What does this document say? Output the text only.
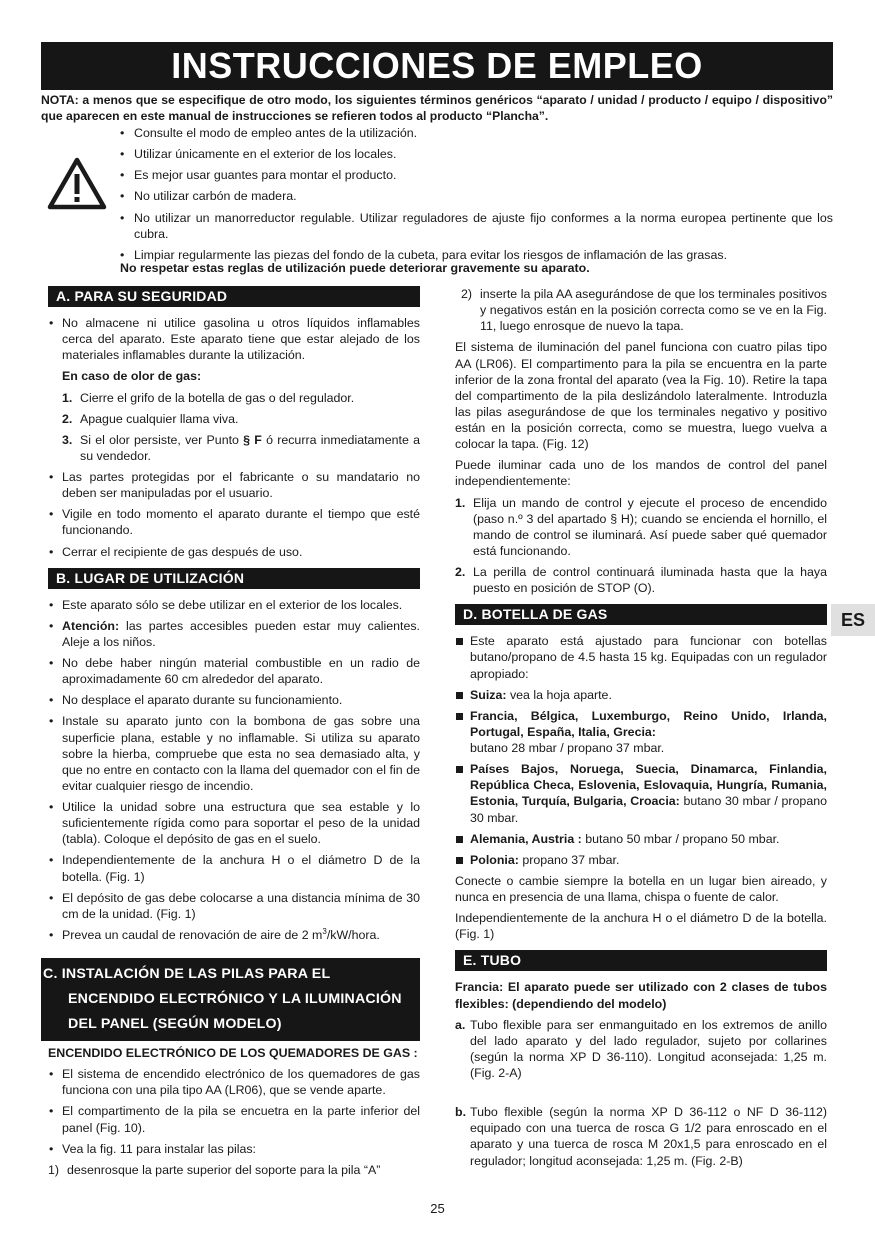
INSTRUCCIONES DE EMPLEO
NOTA: a menos que se especifique de otro modo, los siguientes términos genéricos “aparato / unidad / producto / equipo / dispositivo” que aparecen en este manual de instrucciones se refieren todos al producto “Plancha”.
• Consulte el modo de empleo antes de la utilización.
• Utilizar únicamente en el exterior de los locales.
• Es mejor usar guantes para montar el producto.
• No utilizar carbón de madera.
• No utilizar un manorreductor regulable. Utilizar reguladores de ajuste fijo conformes a la norma europea pertinente que los cubra.
• Limpiar regularmente las piezas del fondo de la cubeta, para evitar los riesgos de inflamación de las grasas.
No respetar estas reglas de utilización puede deteriorar gravemente su aparato.
A. PARA SU SEGURIDAD
• No almacene ni utilice gasolina u otros líquidos inflamables cerca del aparato. Este aparato tiene que estar alejado de los materiales inflamables durante la utilización.
En caso de olor de gas:
1. Cierre el grifo de la botella de gas o del regulador.
2. Apague cualquier llama viva.
3. Si el olor persiste, ver Punto § F ó recurra inmediatamente a su vendedor.
• Las partes protegidas por el fabricante o su mandatario no deben ser manipuladas por el usuario.
• Vigile en todo momento el aparato durante el tiempo que esté funcionando.
• Cerrar el recipiente de gas después de uso.
B. LUGAR DE UTILIZACIÓN
• Este aparato sólo se debe utilizar en el exterior de los locales.
• Atención: las partes accesibles pueden estar muy calientes. Aleje a los niños.
• No debe haber ningún material combustible en un radio de aproximadamente 60 cm alrededor del aparato.
• No desplace el aparato durante su funcionamiento.
• Instale su aparato junto con la bombona de gas sobre una superficie plana, estable y no inflamable. Si utiliza su aparato sobre la hierba, compruebe que esta no sea demasiado alta, y que no entre en contacto con la llama del quemador con el fin de evitar cualquier riesgo de incendio.
• Utilice la unidad sobre una estructura que sea estable y lo suficientemente rígida como para soportar el peso de la unidad (tabla). Coloque el depósito de gas en el suelo.
• Independientemente de la anchura H o el diámetro D de la botella. (Fig. 1)
• El depósito de gas debe colocarse a una distancia mínima de 30 cm de la unidad. (Fig. 1)
• Prevea un caudal de renovación de aire de 2 $m^3/kW$/hora.
C. INSTALACIÓN DE LAS PILAS PARA EL
ENCENDIDO ELECTRÓNICO Y LA ILUMINACIÓN
DEL PANEL (SEGÚN MODELO)

ENCENDIDO ELECTRÓNICO DE LOS QUEMADORES DE GAS :

• El sistema de encendido electrónico de los quemadores de gas funciona con una pila tipo AA (LR06), que se vende aparte.
• El compartimento de la pila se encuetra en la parte inferior del panel (Fig. 10).
• Vea la fig. 11 para instalar las pilas:
1) desenrosque la parte superior del soporte para la pila “A”
2) inserte la pila AA asegurándose de que los terminales positivos y negativos están en la posición correcta como se ve en la Fig. 11, luego enrosque de nuevo la tapa.

El sistema de iluminación del panel funciona con cuatro pilas tipo AA (LR06). El compartimento para la pila se encuentra en la parte inferior de la zona frontal del aparato (vea la Fig. 10). Retire la tapa del compartimento de la pila deslizándolo lateralmente. Introduzla las pilas asegurándose de que los terminales negativo y positivo están en la posición correcta, como se muestra, luego vuelva a colocar la tapa. (Fig. 12)

Puede iluminar cada uno de los mandos de control del panel independientemente:

1. Elija un mando de control y ejecute el proceso de encendido (paso n.º 3 del apartado § H); cuando se encienda el hornillo, el mando de control se iluminará. Así puede saber qué quemador está funcionando.
2. La perilla de control continuará iluminada hasta que la haya puesto en posición de STOP (O).
D. BOTELLA DE GAS
Este aparato está ajustado para funcionar con botellas butano/propano de 4.5 hasta 15 kg. Equipadas con un regulador apropiado:
Suiza: vea la hoja aparte.
Francia, Bélgica, Luxemburgo, Reino Unido, Irlanda, Portugal, España, Italia, Grecia:
butano 28 mbar / propano 37 mbar.
Países Bajos, Noruega, Suecia, Dinamarca, Finlandia, República Checa, Eslovenia, Eslovaquia, Hungría, Rumania, Estonia, Turquía, Bulgaria, Croacia: butano 30 mbar / propano 30 mbar.
Alemania, Austria : butano 50 mbar / propano 50 mbar.
Polonia: propano 37 mbar.

Conecte o cambie siempre la botella en un lugar bien aireado, y nunca en presencia de una llama, chispa o fuente de calor.

Independientemente de la anchura H o el diámetro D de la botella. (Fig. 1)

E. TUBO

Francia: El aparato puede ser utilizado con 2 clases de tubos flexibles: (dependiendo del modelo)

a. Tubo flexible para ser enmanguitado en los extremos de anillo del lado aparato y del lado regulador, sujeto por collarines (según la norma XP D 36-110). Longitud aconsejada: 1,25 m. (Fig. 2-A)
b. Tubo flexible (según la norma XP D 36-112 o NF D 36-112) equipado con una tuerca de rosca G 1/2 para enroscado en el aparato y una tuerca de rosca M 20x1,5 para enroscado en el regulador; longitud aconsejada: 1,25 m. (Fig. 2-B)
ES
25
